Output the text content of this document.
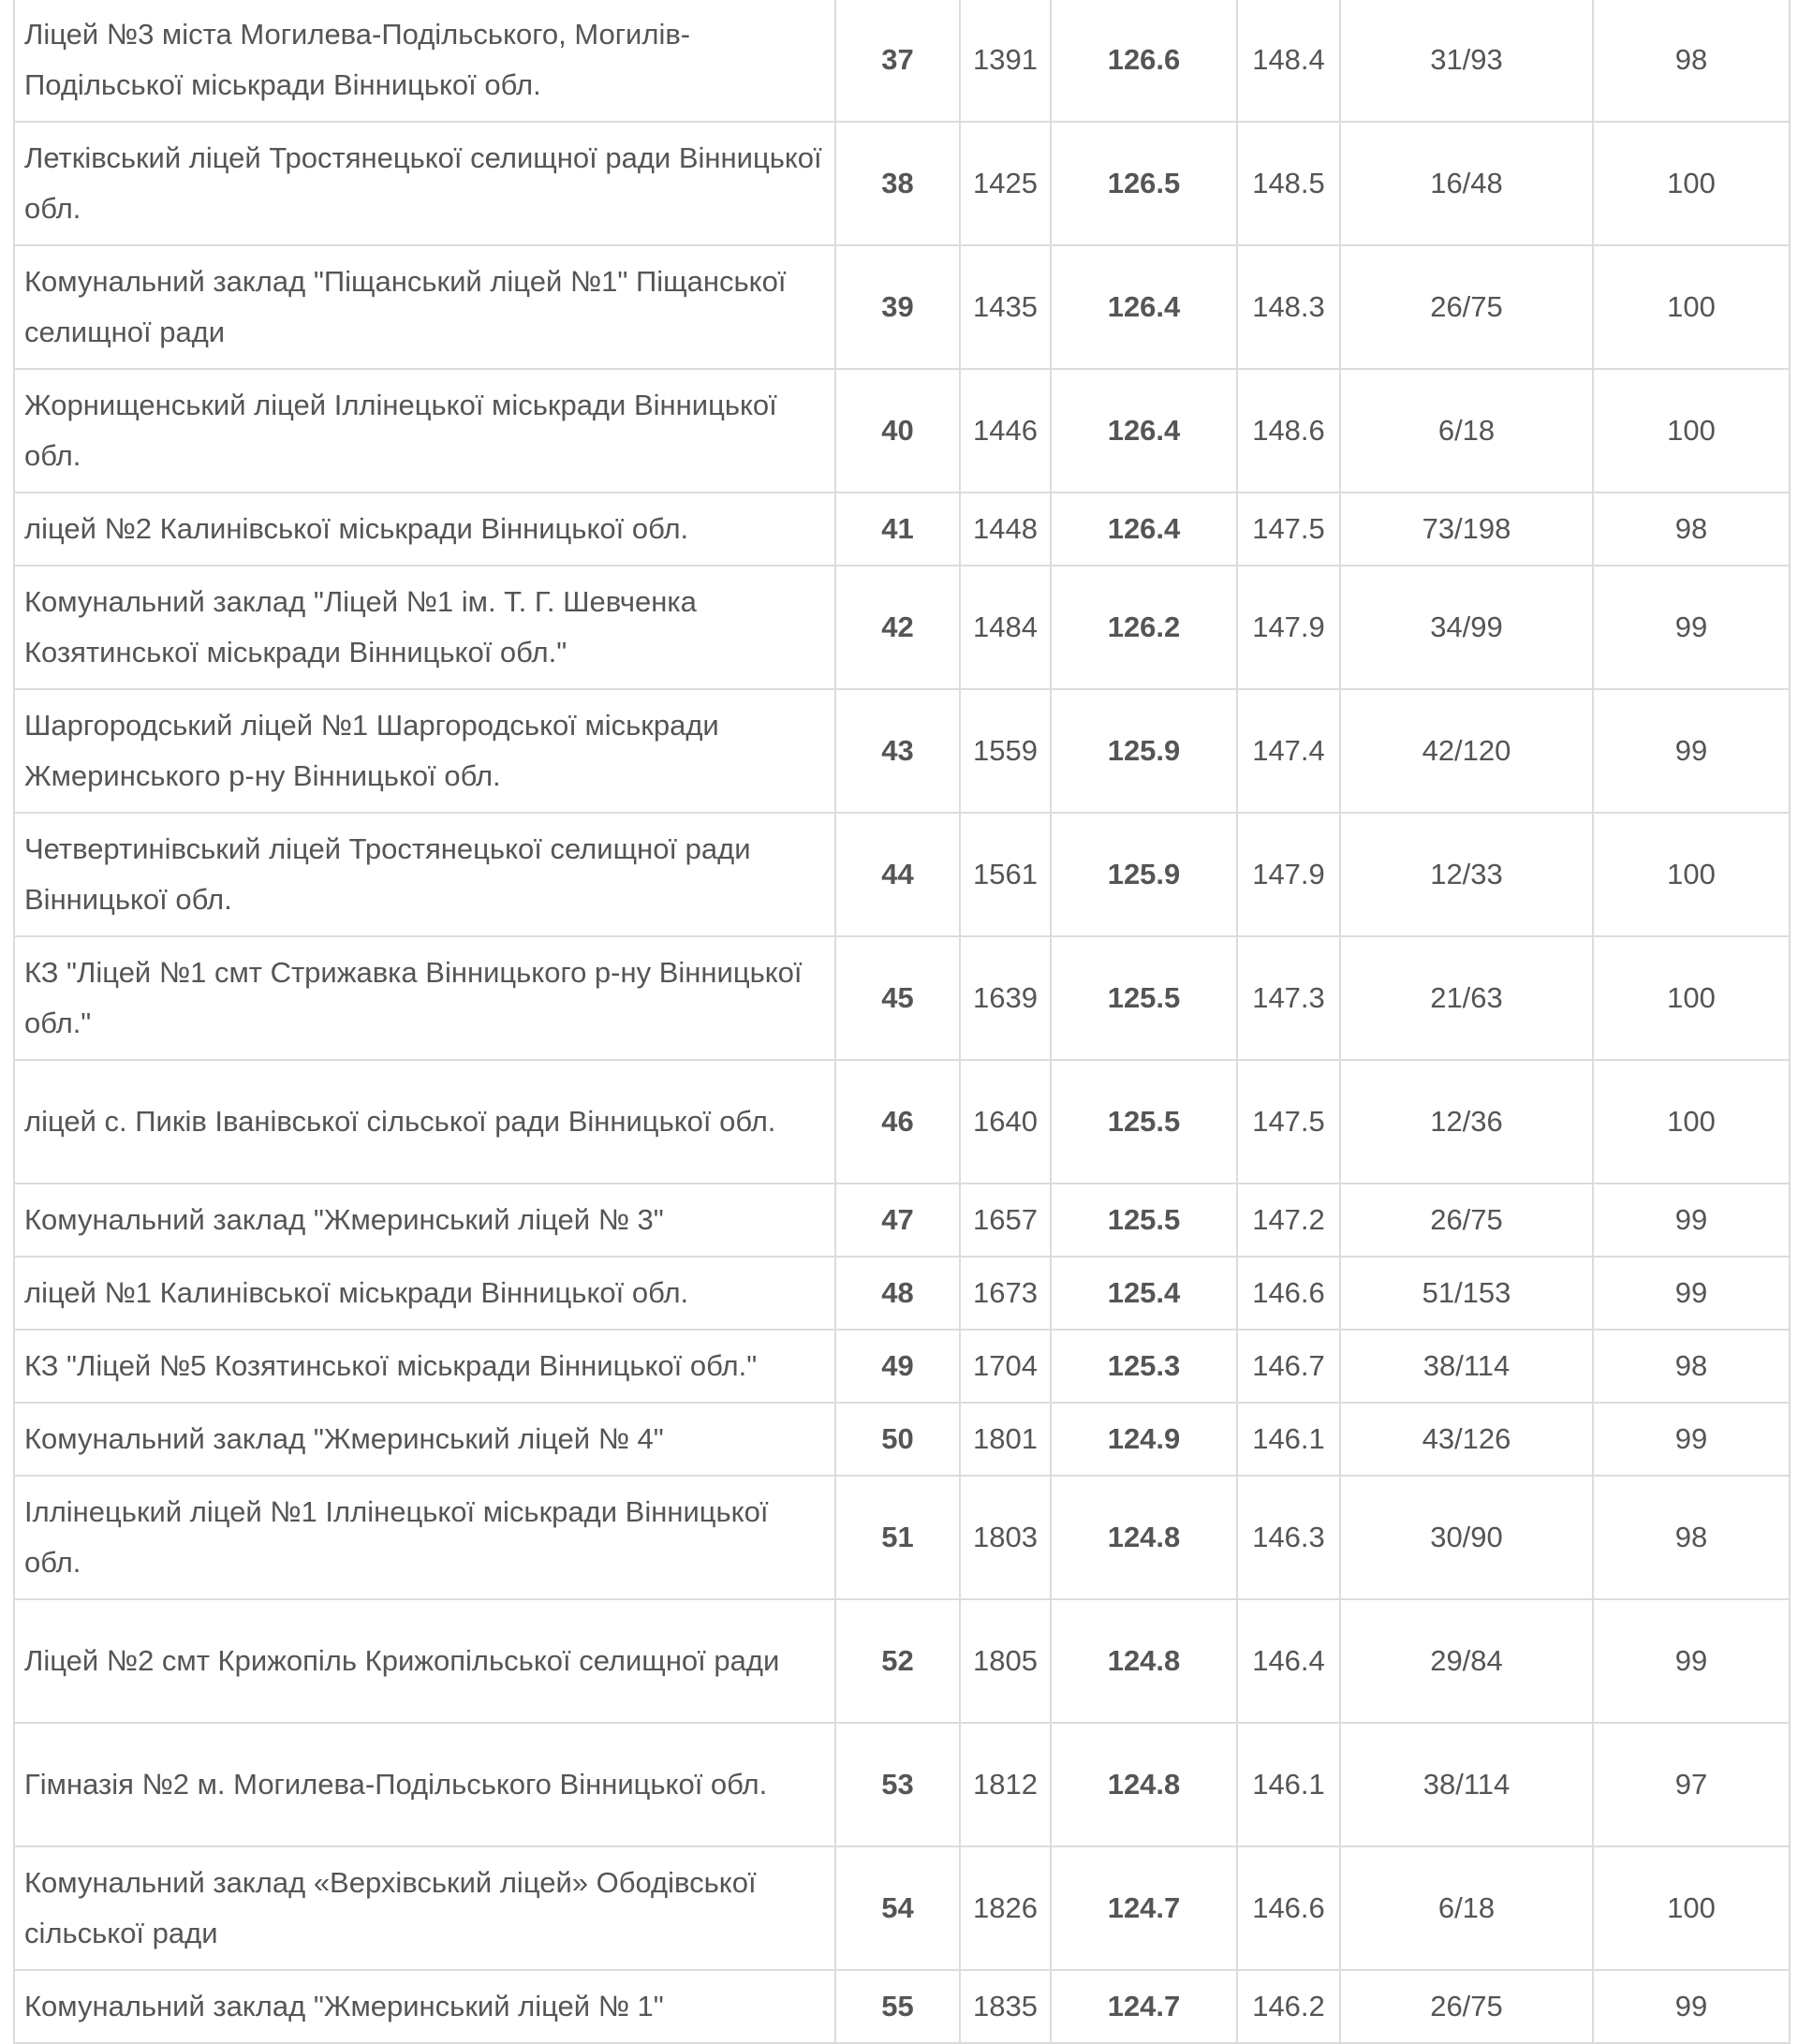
Ліцей №3 міста Могилева-Подільського, Могилів-Подільської міськради Вінницької обл.	37	1391	126.6	148.4	31/93	98
Летківський ліцей Тростянецької селищної ради Вінницької обл.	38	1425	126.5	148.5	16/48	100
Комунальний заклад "Піщанський ліцей №1" Піщанської селищної ради	39	1435	126.4	148.3	26/75	100
Жорнищенський ліцей Іллінецької міськради Вінницької обл.	40	1446	126.4	148.6	6/18	100
ліцей №2 Калинівської міськради Вінницької обл.	41	1448	126.4	147.5	73/198	98
Комунальний заклад "Ліцей №1 ім. Т. Г. Шевченка Козятинської міськради Вінницької обл."	42	1484	126.2	147.9	34/99	99
Шаргородський ліцей №1 Шаргородської міськради Жмеринського р-ну Вінницької обл.	43	1559	125.9	147.4	42/120	99
Четвертинівський ліцей Тростянецької селищної ради Вінницької обл.	44	1561	125.9	147.9	12/33	100
КЗ "Ліцей №1 смт Стрижавка Вінницького р-ну Вінницької обл."	45	1639	125.5	147.3	21/63	100
ліцей с. Пиків Іванівської сільської ради Вінницької обл.	46	1640	125.5	147.5	12/36	100
Комунальний заклад "Жмеринський ліцей № 3"	47	1657	125.5	147.2	26/75	99
ліцей №1 Калинівської міськради Вінницької обл.	48	1673	125.4	146.6	51/153	99
КЗ "Ліцей №5 Козятинської міськради Вінницької обл."	49	1704	125.3	146.7	38/114	98
Комунальний заклад "Жмеринський ліцей № 4"	50	1801	124.9	146.1	43/126	99
Іллінецький ліцей №1 Іллінецької міськради Вінницької обл.	51	1803	124.8	146.3	30/90	98
Ліцей №2 смт Крижопіль Крижопільської селищної ради	52	1805	124.8	146.4	29/84	99
Гімназія №2 м. Могилева-Подільського Вінницької обл.	53	1812	124.8	146.1	38/114	97
Комунальний заклад «Верхівський ліцей» Ободівської сільської ради	54	1826	124.7	146.6	6/18	100
Комунальний заклад "Жмеринський ліцей № 1"	55	1835	124.7	146.2	26/75	99
